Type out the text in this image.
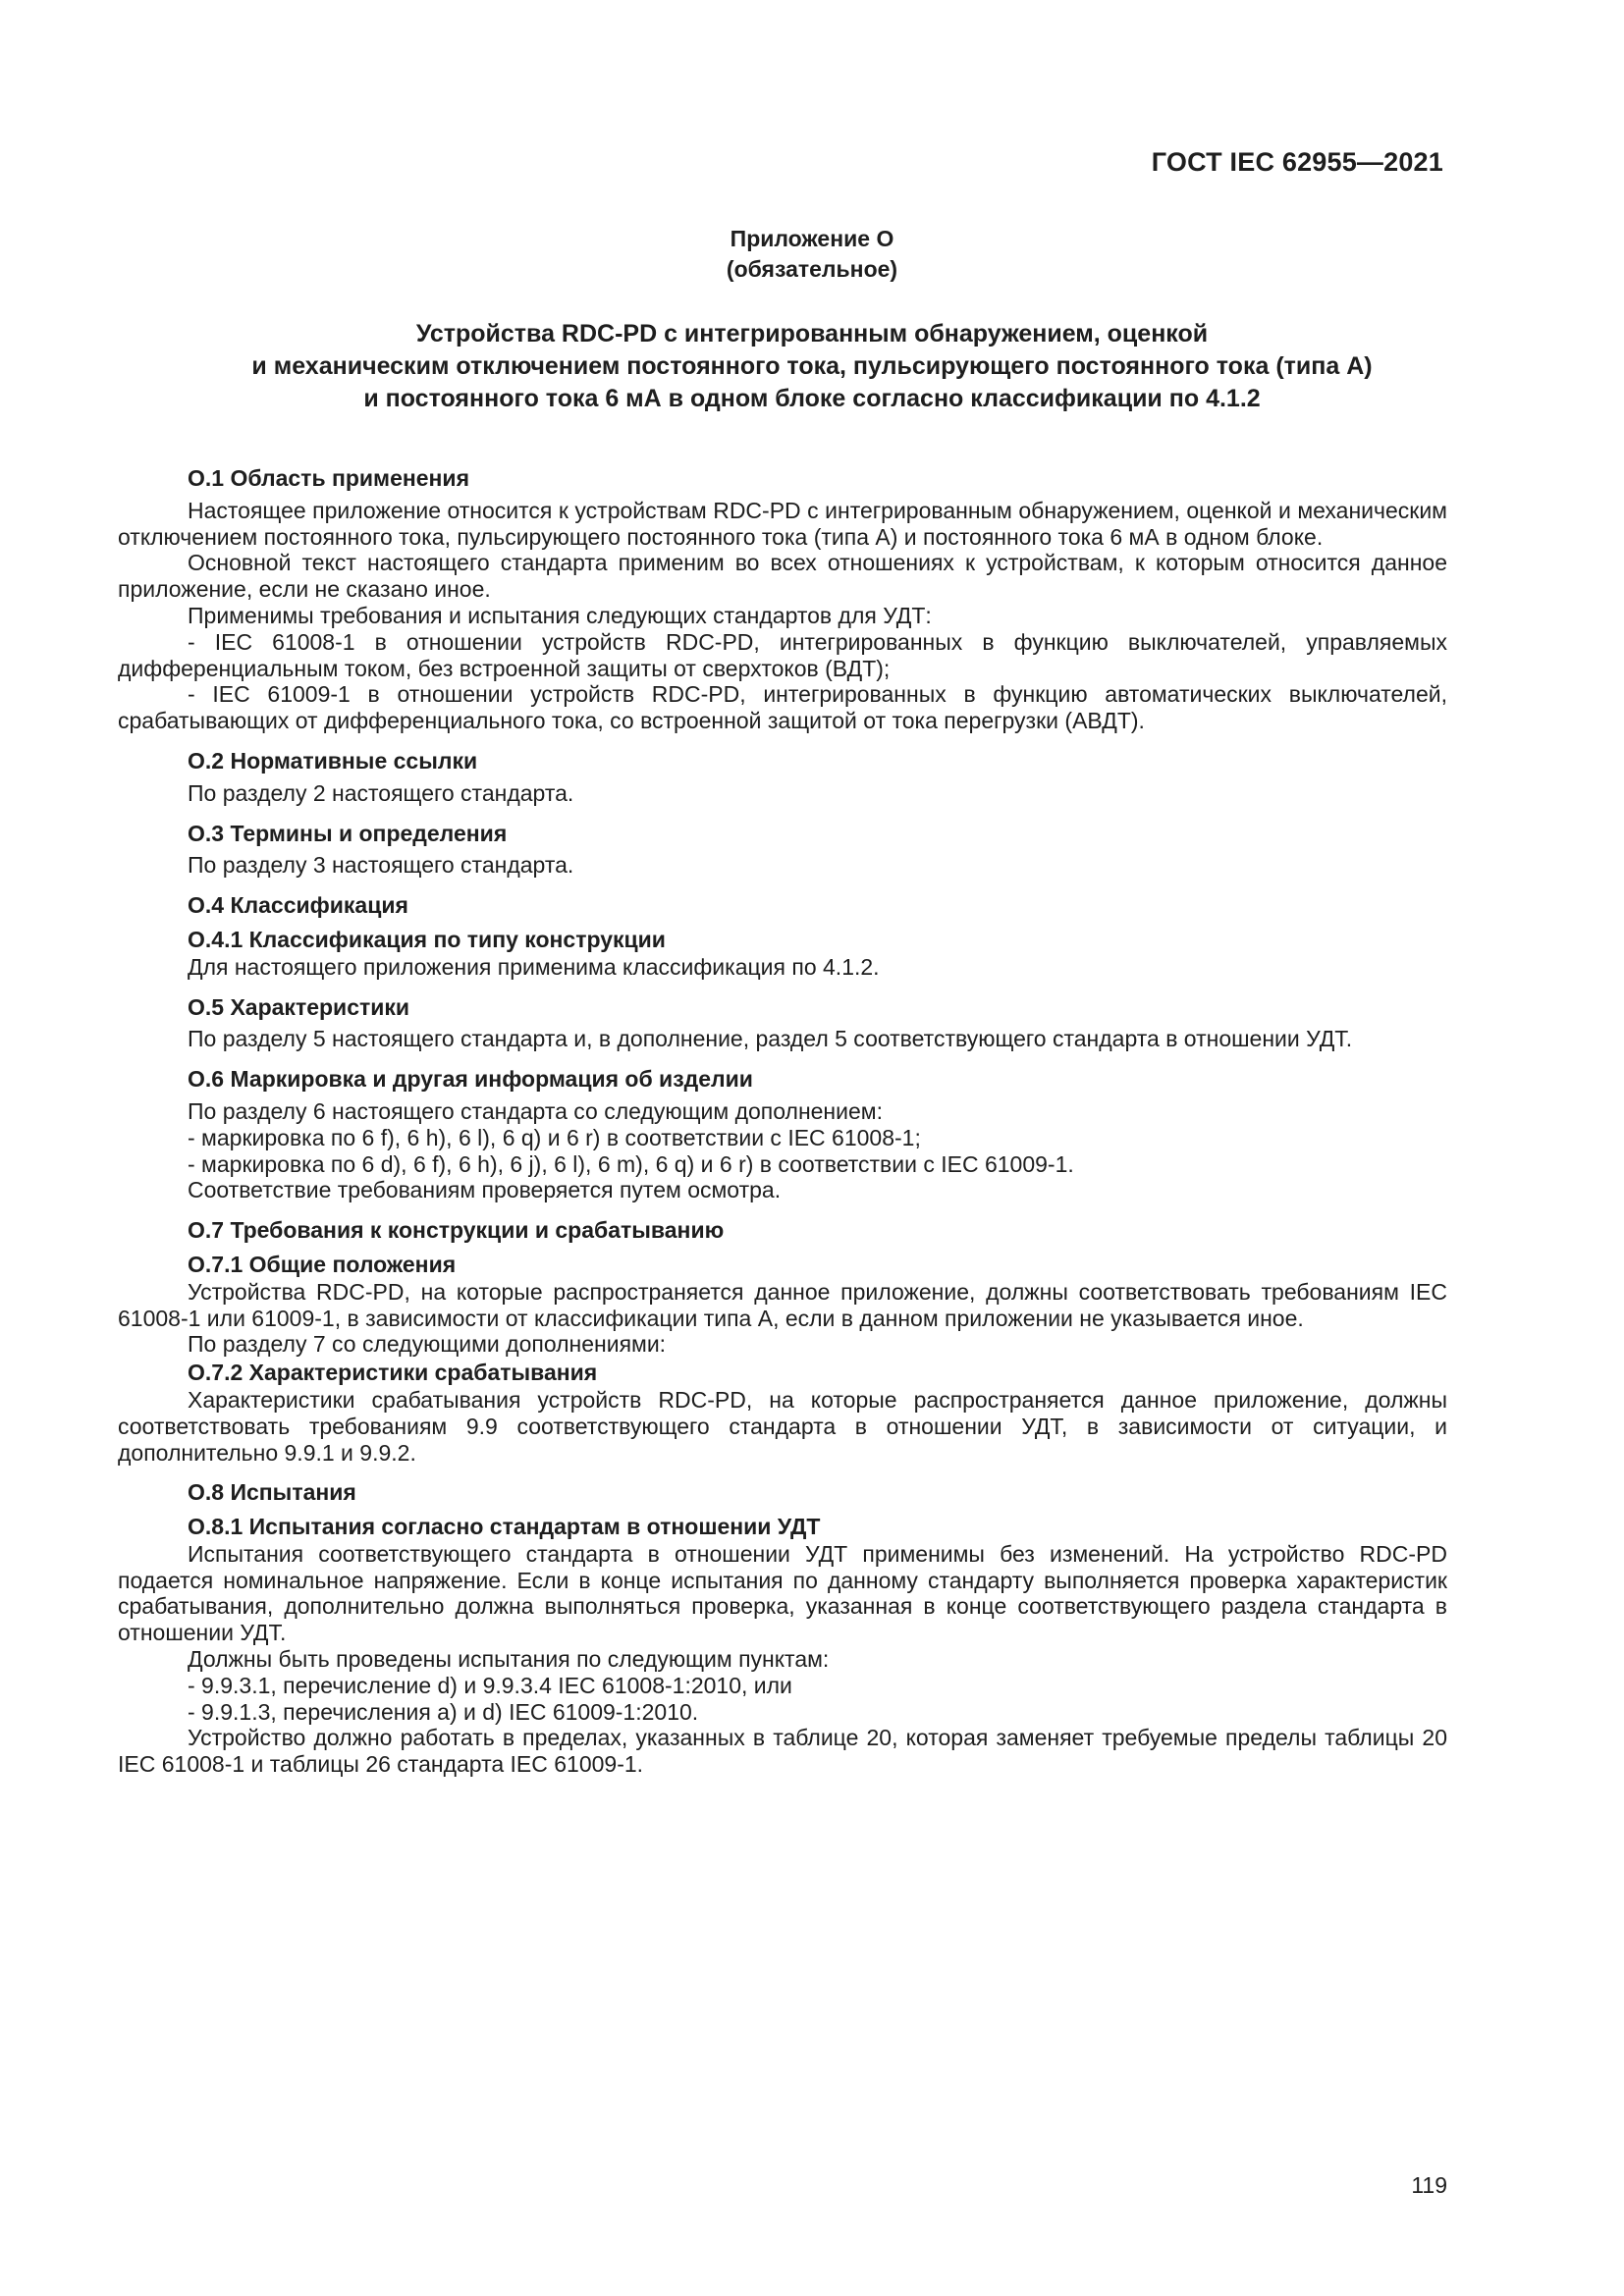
ГОСТ IEC 62955—2021
Приложение О
(обязательное)
Устройства RDC-PD с интегрированным обнаружением, оценкой
и механическим отключением постоянного тока, пульсирующего постоянного тока (типа А)
и постоянного тока 6 мА в одном блоке согласно классификации по 4.1.2
О.1 Область применения
Настоящее приложение относится к устройствам RDC-PD с интегрированным обнаружением, оценкой и механическим отключением постоянного тока, пульсирующего постоянного тока (типа А) и постоянного тока 6 мА в одном блоке.
Основной текст настоящего стандарта применим во всех отношениях к устройствам, к которым относится данное приложение, если не сказано иное.
Применимы требования и испытания следующих стандартов для УДТ:
- IEC 61008-1 в отношении устройств RDC-PD, интегрированных в функцию выключателей, управляемых дифференциальным током, без встроенной защиты от сверхтоков (ВДТ);
- IEC 61009-1 в отношении устройств RDC-PD, интегрированных в функцию автоматических выключателей, срабатывающих от дифференциального тока, со встроенной защитой от тока перегрузки (АВДТ).
О.2 Нормативные ссылки
По разделу 2 настоящего стандарта.
О.3 Термины и определения
По разделу 3 настоящего стандарта.
О.4 Классификация
О.4.1 Классификация по типу конструкции
Для настоящего приложения применима классификация по 4.1.2.
О.5 Характеристики
По разделу 5 настоящего стандарта и, в дополнение, раздел 5 соответствующего стандарта в отношении УДТ.
О.6 Маркировка и другая информация об изделии
По разделу 6 настоящего стандарта со следующим дополнением:
- маркировка по 6 f), 6 h), 6 l), 6 q) и 6 r) в соответствии с IEC 61008-1;
- маркировка по 6 d), 6 f), 6 h), 6 j), 6 l), 6 m), 6 q) и 6 r) в соответствии с IEC 61009-1.
Соответствие требованиям проверяется путем осмотра.
О.7 Требования к конструкции и срабатыванию
О.7.1 Общие положения
Устройства RDC-PD, на которые распространяется данное приложение, должны соответствовать требованиям IEC 61008-1 или 61009-1, в зависимости от классификации типа А, если в данном приложении не указывается иное.
По разделу 7 со следующими дополнениями:
О.7.2 Характеристики срабатывания
Характеристики срабатывания устройств RDC-PD, на которые распространяется данное приложение, должны соответствовать требованиям 9.9 соответствующего стандарта в отношении УДТ, в зависимости от ситуации, и дополнительно 9.9.1 и 9.9.2.
О.8 Испытания
О.8.1 Испытания согласно стандартам в отношении УДТ
Испытания соответствующего стандарта в отношении УДТ применимы без изменений. На устройство RDC-PD подается номинальное напряжение. Если в конце испытания по данному стандарту выполняется проверка характеристик срабатывания, дополнительно должна выполняться проверка, указанная в конце соответствующего раздела стандарта в отношении УДТ.
Должны быть проведены испытания по следующим пунктам:
- 9.9.3.1, перечисление d) и 9.9.3.4 IEC 61008-1:2010, или
- 9.9.1.3, перечисления а) и d) IEC 61009-1:2010.
Устройство должно работать в пределах, указанных в таблице 20, которая заменяет требуемые пределы таблицы 20 IEC 61008-1 и таблицы 26 стандарта IEC 61009-1.
119
